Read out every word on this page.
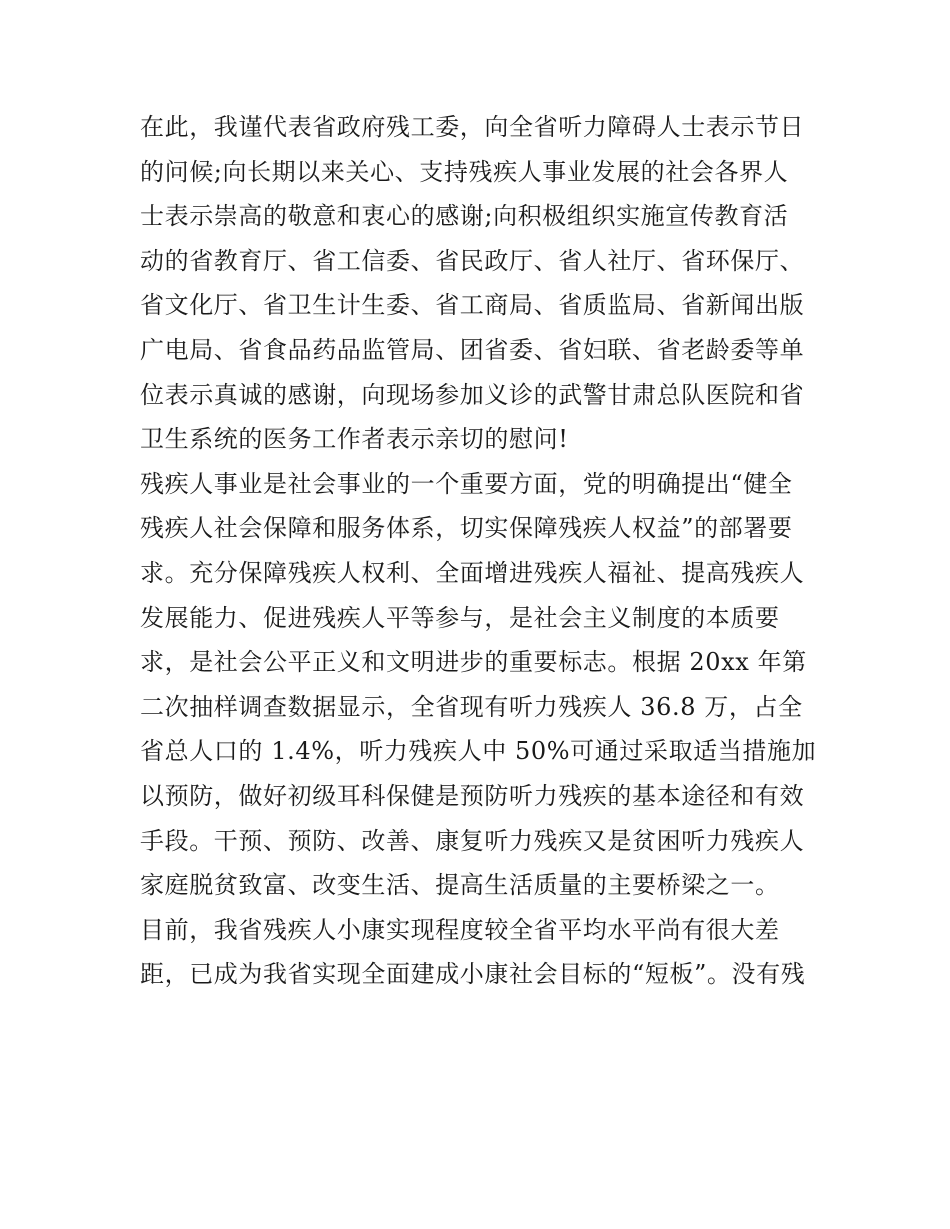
在此，我谨代表省政府残工委，向全省听力障碍人士表示节日
的问候;向长期以来关心、支持残疾人事业发展的社会各界人
士表示崇高的敬意和衷心的感谢;向积极组织实施宣传教育活
动的省教育厅、省工信委、省民政厅、省人社厅、省环保厅、
省文化厅、省卫生计生委、省工商局、省质监局、省新闻出版
广电局、省食品药品监管局、团省委、省妇联、省老龄委等单
位表示真诚的感谢，向现场参加义诊的武警甘肃总队医院和省
卫生系统的医务工作者表示亲切的慰问!
残疾人事业是社会事业的一个重要方面，党的明确提出“健全
残疾人社会保障和服务体系，切实保障残疾人权益”的部署要
求。充分保障残疾人权利、全面增进残疾人福祉、提高残疾人
发展能力、促进残疾人平等参与，是社会主义制度的本质要
求，是社会公平正义和文明进步的重要标志。根据 20xx 年第
二次抽样调查数据显示，全省现有听力残疾人 36.8 万，占全
省总人口的 1.4%，听力残疾人中 50%可通过采取适当措施加
以预防，做好初级耳科保健是预防听力残疾的基本途径和有效
手段。干预、预防、改善、康复听力残疾又是贫困听力残疾人
家庭脱贫致富、改变生活、提高生活质量的主要桥梁之一。
目前，我省残疾人小康实现程度较全省平均水平尚有很大差
距，已成为我省实现全面建成小康社会目标的“短板”。没有残
